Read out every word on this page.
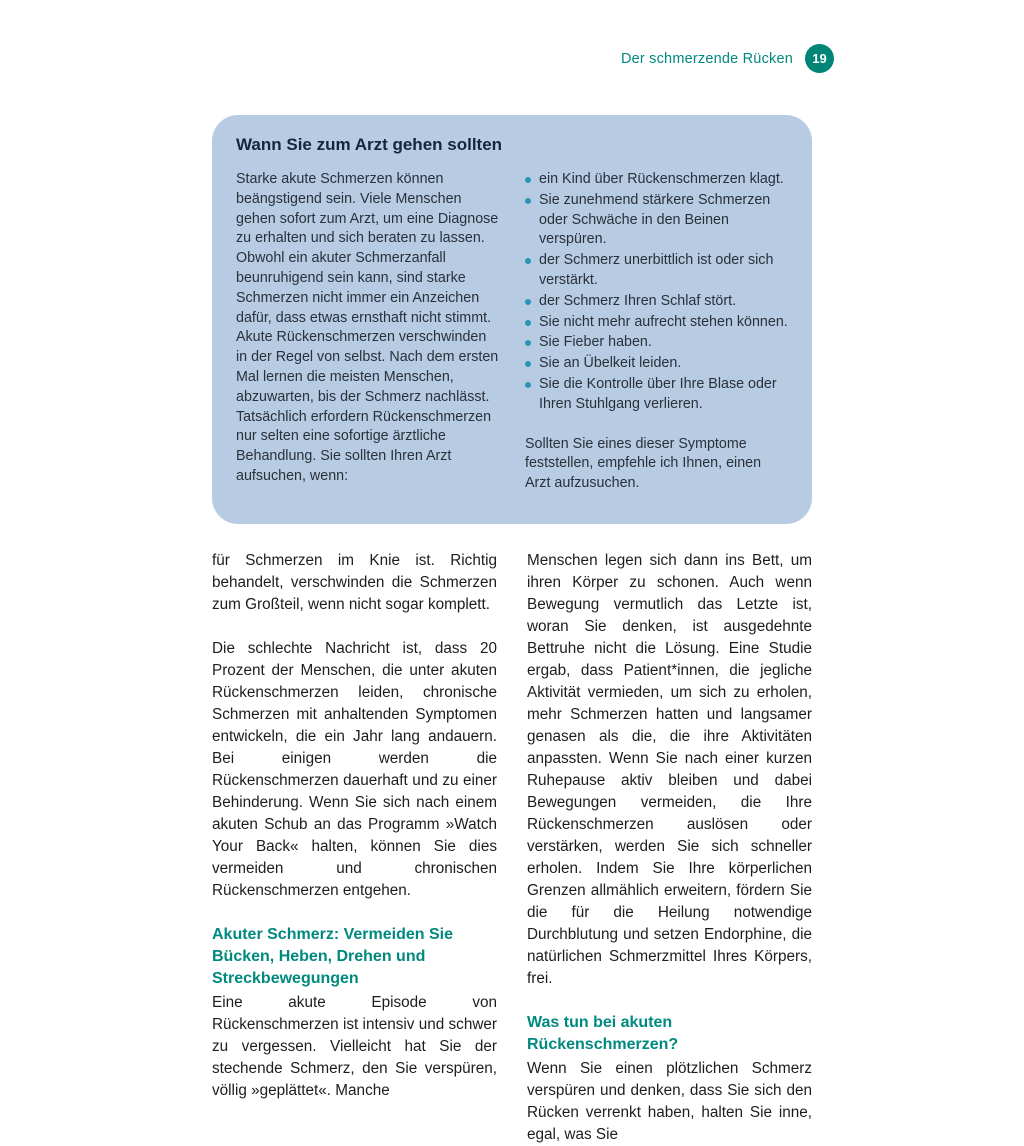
Der schmerzende Rücken	19
Wann Sie zum Arzt gehen sollten

Starke akute Schmerzen können beängstigend sein. Viele Menschen gehen sofort zum Arzt, um eine Diagnose zu erhalten und sich beraten zu lassen. Obwohl ein akuter Schmerzanfall beunruhigend sein kann, sind starke Schmerzen nicht immer ein Anzeichen dafür, dass etwas ernsthaft nicht stimmt. Akute Rückenschmerzen verschwinden in der Regel von selbst. Nach dem ersten Mal lernen die meisten Menschen, abzuwarten, bis der Schmerz nachlässt. Tatsächlich erfordern Rückenschmerzen nur selten eine sofortige ärztliche Behandlung. Sie sollten Ihren Arzt aufsuchen, wenn:

ein Kind über Rückenschmerzen klagt.
Sie zunehmend stärkere Schmerzen oder Schwäche in den Beinen verspüren.
der Schmerz unerbittlich ist oder sich verstärkt.
der Schmerz Ihren Schlaf stört.
Sie nicht mehr aufrecht stehen können.
Sie Fieber haben.
Sie an Übelkeit leiden.
Sie die Kontrolle über Ihre Blase oder Ihren Stuhlgang verlieren.

Sollten Sie eines dieser Symptome feststellen, empfehle ich Ihnen, einen Arzt aufzusuchen.

für Schmerzen im Knie ist. Richtig behandelt, verschwinden die Schmerzen zum Großteil, wenn nicht sogar komplett.

Die schlechte Nachricht ist, dass 20 Prozent der Menschen, die unter akuten Rückenschmerzen leiden, chronische Schmerzen mit anhaltenden Symptomen entwickeln, die ein Jahr lang andauern. Bei einigen werden die Rückenschmerzen dauerhaft und zu einer Behinderung. Wenn Sie sich nach einem akuten Schub an das Programm »Watch Your Back« halten, können Sie dies vermeiden und chronischen Rückenschmerzen entgehen.

Akuter Schmerz: Vermeiden Sie Bücken, Heben, Drehen und Streckbewegungen

Eine akute Episode von Rückenschmerzen ist intensiv und schwer zu vergessen. Vielleicht hat Sie der stechende Schmerz, den Sie verspüren, völlig »geplättet«. Manche

Menschen legen sich dann ins Bett, um ihren Körper zu schonen. Auch wenn Bewegung vermutlich das Letzte ist, woran Sie denken, ist ausgedehnte Bettruhe nicht die Lösung. Eine Studie ergab, dass Patient*innen, die jegliche Aktivität vermieden, um sich zu erholen, mehr Schmerzen hatten und langsamer genasen als die, die ihre Aktivitäten anpassten. Wenn Sie nach einer kurzen Ruhepause aktiv bleiben und dabei Bewegungen vermeiden, die Ihre Rückenschmerzen auslösen oder verstärken, werden Sie sich schneller erholen. Indem Sie Ihre körperlichen Grenzen allmählich erweitern, fördern Sie die für die Heilung notwendige Durchblutung und setzen Endorphine, die natürlichen Schmerzmittel Ihres Körpers, frei.

Was tun bei akuten Rückenschmerzen?

Wenn Sie einen plötzlichen Schmerz verspüren und denken, dass Sie sich den Rücken verrenkt haben, halten Sie inne, egal, was Sie
